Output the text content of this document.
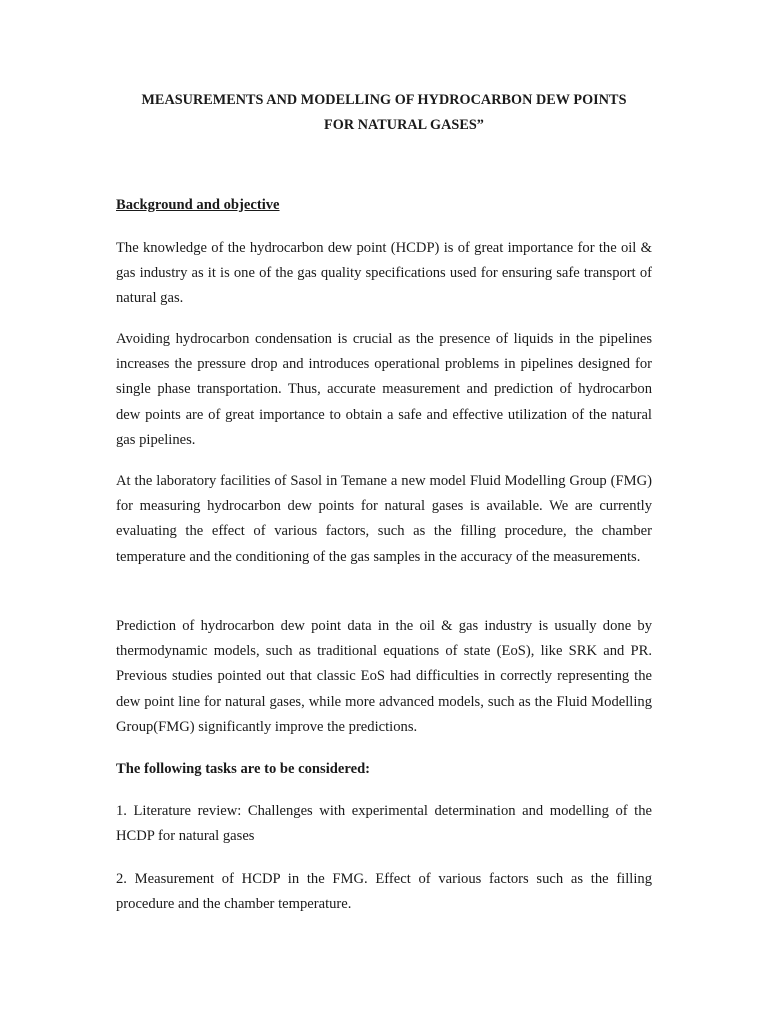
MEASUREMENTS AND MODELLING OF HYDROCARBON DEW POINTS
FOR NATURAL GASES”

Background and objective

The knowledge of the hydrocarbon dew point (HCDP) is of great importance for the oil & gas industry as it is one of the gas quality specifications used for ensuring safe transport of natural gas.

Avoiding hydrocarbon condensation is crucial as the presence of liquids in the pipelines increases the pressure drop and introduces operational problems in pipelines designed for single phase transportation. Thus, accurate measurement and prediction of hydrocarbon dew points are of great importance to obtain a safe and effective utilization of the natural gas pipelines.

At the laboratory facilities of Sasol in Temane a new model Fluid Modelling Group (FMG) for measuring hydrocarbon dew points for natural gases is available. We are currently evaluating the effect of various factors, such as the filling procedure, the chamber temperature and the conditioning of the gas samples in the accuracy of the measurements.

Prediction of hydrocarbon dew point data in the oil & gas industry is usually done by thermodynamic models, such as traditional equations of state (EoS), like SRK and PR. Previous studies pointed out that classic EoS had difficulties in correctly representing the dew point line for natural gases, while more advanced models, such as the Fluid Modelling Group(FMG) significantly improve the predictions.

The following tasks are to be considered:

1. Literature review: Challenges with experimental determination and modelling of the HCDP for natural gases

2. Measurement of HCDP in the FMG. Effect of various factors such as the filling procedure and the chamber temperature.
